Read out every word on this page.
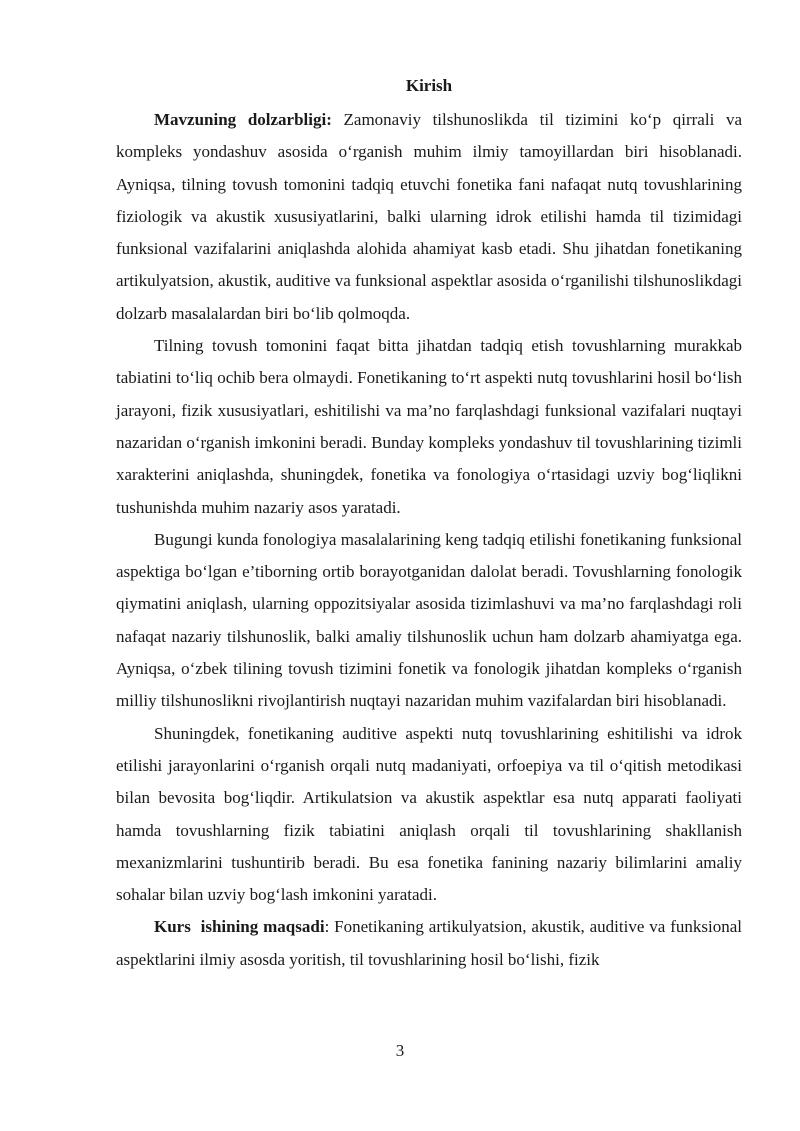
Kirish

Mavzuning dolzarbligi: Zamonaviy tilshunoslikda til tizimini ko‘p qirrali va kompleks yondashuv asosida o‘rganish muhim ilmiy tamoyillardan biri hisoblanadi. Ayniqsa, tilning tovush tomonini tadqiq etuvchi fonetika fani nafaqat nutq tovushlarining fiziologik va akustik xususiyatlarini, balki ularning idrok etilishi hamda til tizimidagi funksional vazifalarini aniqlashda alohida ahamiyat kasb etadi. Shu jihatdan fonetikaning artikulyatsion, akustik, auditive va funksional aspektlar asosida o‘rganilishi tilshunoslikdagi dolzarb masalalardan biri bo‘lib qolmoqda.

Tilning tovush tomonini faqat bitta jihatdan tadqiq etish tovushlarning murakkab tabiatini to‘liq ochib bera olmaydi. Fonetikaning to‘rt aspekti nutq tovushlarini hosil bo‘lish jarayoni, fizik xususiyatlari, eshitilishi va ma’no farqlashdagi funksional vazifalari nuqtayi nazaridan o‘rganish imkonini beradi. Bunday kompleks yondashuv til tovushlarining tizimli xarakterini aniqlashda, shuningdek, fonetika va fonologiya o‘rtasidagi uzviy bog‘liqlikni tushunishda muhim nazariy asos yaratadi.

Bugungi kunda fonologiya masalalarining keng tadqiq etilishi fonetikaning funksional aspektiga bo‘lgan e’tiborning ortib borayotganidan dalolat beradi. Tovushlarning fonologik qiymatini aniqlash, ularning oppozitsiyalar asosida tizimlashuvi va ma’no farqlashdagi roli nafaqat nazariy tilshunoslik, balki amaliy tilshunoslik uchun ham dolzarb ahamiyatga ega. Ayniqsa, o‘zbek tilining tovush tizimini fonetik va fonologik jihatdan kompleks o‘rganish milliy tilshunoslikni rivojlantirish nuqtayi nazaridan muhim vazifalardan biri hisoblanadi.

Shuningdek, fonetikaning auditive aspekti nutq tovushlarining eshitilishi va idrok etilishi jarayonlarini o‘rganish orqali nutq madaniyati, orfoepiya va til o‘qitish metodikasi bilan bevosita bog‘liqdir. Artikulatsion va akustik aspektlar esa nutq apparati faoliyati hamda tovushlarning fizik tabiatini aniqlash orqali til tovushlarining shakllanish mexanizmlarini tushuntirib beradi. Bu esa fonetika fanining nazariy bilimlarini amaliy sohalar bilan uzviy bog‘lash imkonini yaratadi.

Kurs  ishining maqsadi: Fonetikaning artikulyatsion, akustik, auditive va funksional aspektlarini ilmiy asosda yoritish, til tovushlarining hosil bo‘lishi, fizik

3
